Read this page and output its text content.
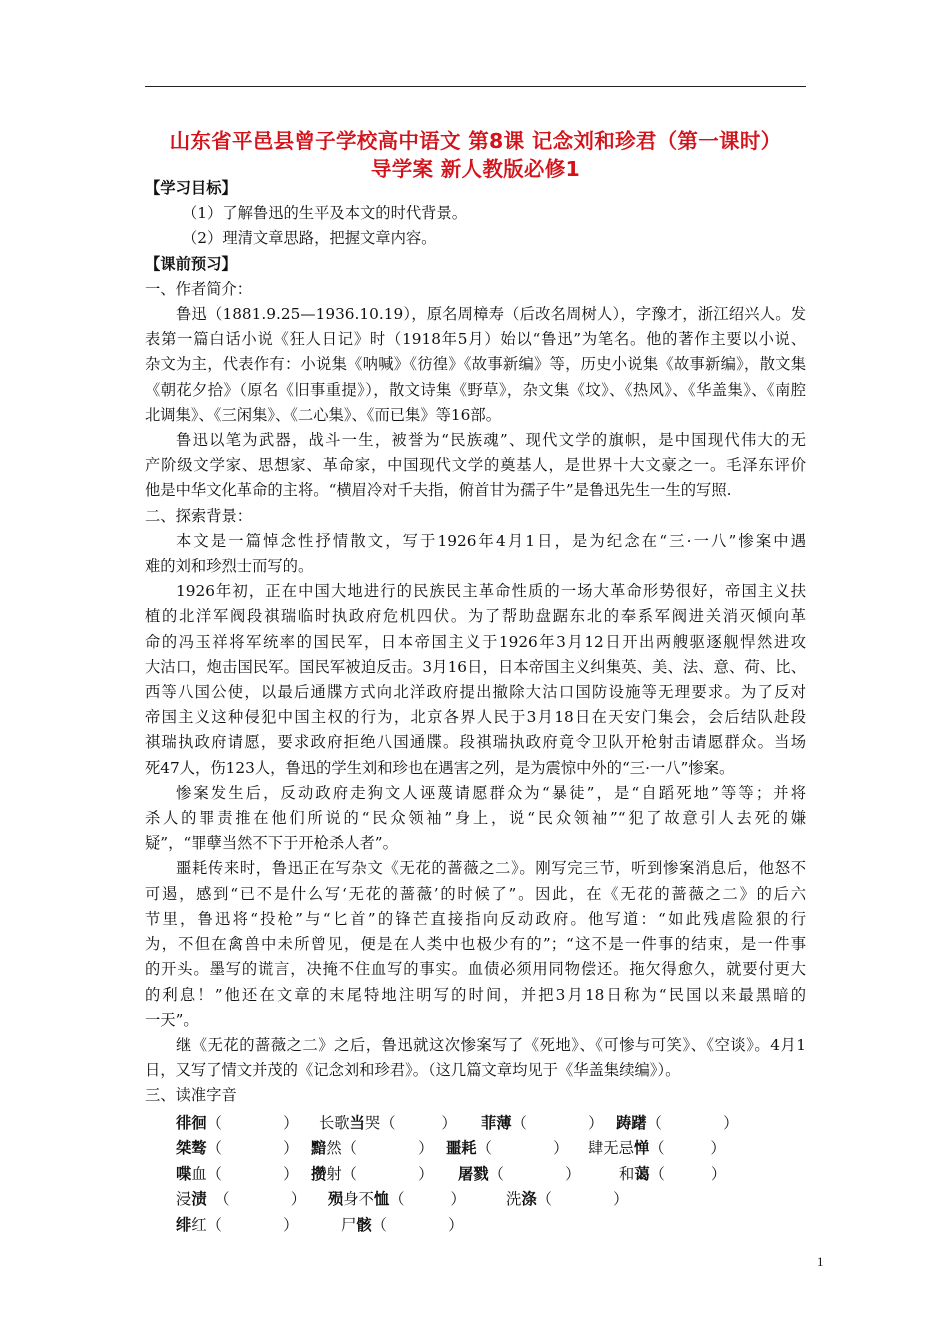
山东省平邑县曾子学校高中语文 第8课 记念刘和珍君（第一课时）
导学案 新人教版必修1
【学习目标】
（1）了解鲁迅的生平及本文的时代背景。
（2）理清文章思路，把握文章内容。
【课前预习】
一、作者简介：
鲁迅（1881.9.25—1936.10.19），原名周樟寿（后改名周树人），字豫才，浙江绍兴人。发
表第一篇白话小说《狂人日记》时（1918年5月）始以“鲁迅”为笔名。他的著作主要以小说、
杂文为主，代表作有：小说集《呐喊》《彷徨》《故事新编》等，历史小说集《故事新编》，散文集
《朝花夕拾》（原名《旧事重提》），散文诗集《野草》，杂文集《坟》、《热风》、《华盖集》、《南腔
北调集》、《三闲集》、《二心集》、《而已集》等16部。
鲁迅以笔为武器，战斗一生，被誉为“民族魂”、现代文学的旗帜，是中国现代伟大的无
产阶级文学家、思想家、革命家，中国现代文学的奠基人，是世界十大文豪之一。毛泽东评价
他是中华文化革命的主将。“横眉冷对千夫指，俯首甘为孺子牛”是鲁迅先生一生的写照.
二、探索背景：
本文是一篇悼念性抒情散文，写于1926年4月1日，是为纪念在“三·一八”惨案中遇
难的刘和珍烈士而写的。
1926年初，正在中国大地进行的民族民主革命性质的一场大革命形势很好，帝国主义扶
植的北洋军阀段祺瑞临时执政府危机四伏。为了帮助盘踞东北的奉系军阀进关消灭倾向革
命的冯玉祥将军统率的国民军，日本帝国主义于1926年3月12日开出两艘驱逐舰悍然进攻
大沽口，炮击国民军。国民军被迫反击。3月16日，日本帝国主义纠集英、美、法、意、荷、比、
西等八国公使，以最后通牒方式向北洋政府提出撤除大沽口国防设施等无理要求。为了反对
帝国主义这种侵犯中国主权的行为，北京各界人民于3月18日在天安门集会，会后结队赴段
祺瑞执政府请愿，要求政府拒绝八国通牒。段祺瑞执政府竟令卫队开枪射击请愿群众。当场
死47人，伤123人，鲁迅的学生刘和珍也在遇害之列，是为震惊中外的“三·一八”惨案。
惨案发生后，反动政府走狗文人诬蔑请愿群众为“暴徒”，是“自蹈死地”等等；并将
杀人的罪责推在他们所说的“民众领袖”身上，说“民众领袖”“犯了故意引人去死的嫌
疑”，“罪孽当然不下于开枪杀人者”。
噩耗传来时，鲁迅正在写杂文《无花的蔷薇之二》。刚写完三节，听到惨案消息后，他怒不
可遏，感到“已不是什么写‘无花的蔷薇’的时候了”。因此，在《无花的蔷薇之二》的后六
节里，鲁迅将“投枪”与“匕首”的锋芒直接指向反动政府。他写道：“如此残虐险狠的行
为，不但在禽兽中未所曾见，便是在人类中也极少有的”；“这不是一件事的结束，是一件事
的开头。墨写的谎言，决掩不住血写的事实。血债必须用同物偿还。拖欠得愈久，就要付更大
的利息！”他还在文章的末尾特地注明写的时间，并把3月18日称为“民国以来最黑暗的
一天”。
继《无花的蔷薇之二》之后，鲁迅就这次惨案写了《死地》、《可惨与可笑》、《空谈》。4月1
日，又写了情文并茂的《记念刘和珍君》。（这几篇文章均见于《华盖集续编》）。
三、读准字音
徘徊（　　　　）	长歌当哭（　　　）	菲薄（　　　　） 踌躇（　　　　）
桀骜（　　　　） 黯然（　　　　） 噩耗（　　　　）	肆无忌惮（　　　）
喋血（　　　　） 攒射（　　　　）	屠戮（　　　　）	和蔼（　　　）
浸渍　（　　　　）	殒身不恤（　　　）	洗涤（　　　　）
绯红（　　　　）	尸骸（　　　　）
1
